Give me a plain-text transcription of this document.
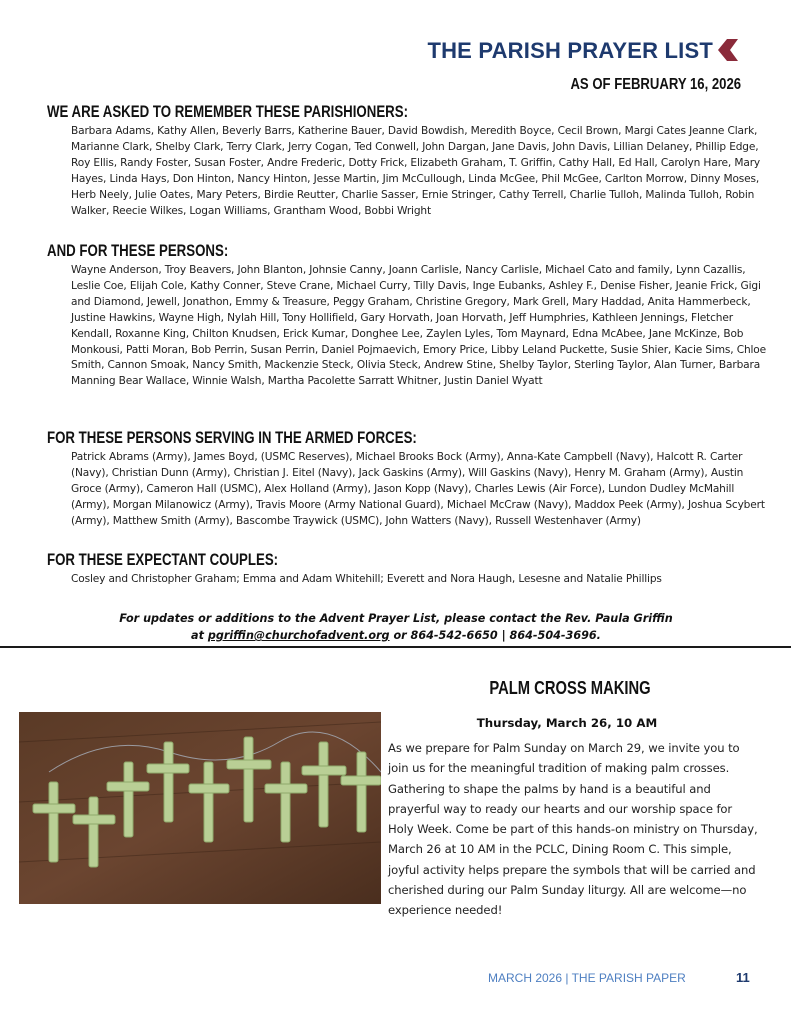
THE PARISH PRAYER LIST
AS OF FEBRUARY 16, 2026
WE ARE ASKED TO REMEMBER THESE PARISHIONERS:

Barbara Adams, Kathy Allen, Beverly Barrs, Katherine Bauer, David Bowdish, Meredith Boyce, Cecil Brown, Margi Cates Jeanne Clark, Marianne Clark, Shelby Clark, Terry Clark, Jerry Cogan, Ted Conwell, John Dargan, Jane Davis, John Davis, Lillian Delaney, Phillip Edge, Roy Ellis, Randy Foster, Susan Foster, Andre Frederic, Dotty Frick, Elizabeth Graham, T. Griffin, Cathy Hall, Ed Hall, Carolyn Hare, Mary Hayes, Linda Hays, Don Hinton, Nancy Hinton, Jesse Martin, Jim McCullough, Linda McGee, Phil McGee, Carlton Morrow, Dinny Moses, Herb Neely, Julie Oates, Mary Peters, Birdie Reutter, Charlie Sasser, Ernie Stringer, Cathy Terrell, Charlie Tulloh, Malinda Tulloh, Robin Walker, Reecie Wilkes, Logan Williams, Grantham Wood, Bobbi Wright

AND FOR THESE PERSONS:

Wayne Anderson, Troy Beavers, John Blanton, Johnsie Canny, Joann Carlisle, Nancy Carlisle, Michael Cato and family, Lynn Cazallis, Leslie Coe, Elijah Cole, Kathy Conner, Steve Crane, Michael Curry, Tilly Davis, Inge Eubanks, Ashley F., Denise Fisher, Jeanie Frick, Gigi and Diamond, Jewell, Jonathon, Emmy & Treasure, Peggy Graham, Christine Gregory, Mark Grell, Mary Haddad, Anita Hammerbeck, Justine Hawkins, Wayne High, Nylah Hill, Tony Hollifield, Gary Horvath, Joan Horvath, Jeff Humphries, Kathleen Jennings, Fletcher Kendall, Roxanne King, Chilton Knudsen, Erick Kumar, Donghee Lee, Zaylen Lyles, Tom Maynard, Edna McAbee, Jane McKinze, Bob Monkousi, Patti Moran, Bob Perrin, Susan Perrin, Daniel Pojmaevich, Emory Price, Libby Leland Puckette, Susie Shier, Kacie Sims, Chloe Smith, Cannon Smoak, Nancy Smith, Mackenzie Steck, Olivia Steck, Andrew Stine, Shelby Taylor, Sterling Taylor, Alan Turner, Barbara Manning Bear Wallace, Winnie Walsh, Martha Pacolette Sarratt Whitner, Justin Daniel Wyatt

FOR THESE PERSONS SERVING IN THE ARMED FORCES:

Patrick Abrams (Army), James Boyd, (USMC Reserves), Michael Brooks Bock (Army), Anna-Kate Campbell (Navy), Halcott R. Carter (Navy), Christian Dunn (Army), Christian J. Eitel (Navy), Jack Gaskins (Army), Will Gaskins (Navy), Henry M. Graham (Army), Austin Groce (Army), Cameron Hall (USMC), Alex Holland (Army), Jason Kopp (Navy), Charles Lewis (Air Force), Lundon Dudley McMahill (Army), Morgan Milanowicz (Army), Travis Moore (Army National Guard), Michael McCraw (Navy), Maddox Peek (Army), Joshua Scybert (Army), Matthew Smith (Army), Bascombe Traywick (USMC), John Watters (Navy), Russell Westenhaver (Army)

FOR THESE EXPECTANT COUPLES:

Cosley and Christopher Graham; Emma and Adam Whitehill; Everett and Nora Haugh, Lesesne and Natalie Phillips

For updates or additions to the Advent Prayer List, please contact the Rev. Paula Griffin
at pgriffin@churchofadvent.org or 864-542-6650 | 864-504-3696.
PALM CROSS MAKING
Thursday, March 26, 10 AM
As we prepare for Palm Sunday on March 29, we invite you to join us for the meaningful tradition of making palm crosses. Gathering to shape the palms by hand is a beautiful and prayerful way to ready our hearts and our worship space for Holy Week. Come be part of this hands-on ministry on Thursday, March 26 at 10 AM in the PCLC, Dining Room C. This simple, joyful activity helps prepare the symbols that will be carried and cherished during our Palm Sunday liturgy. All are welcome—no experience needed!
MARCH 2026 | THE PARISH PAPER	11
